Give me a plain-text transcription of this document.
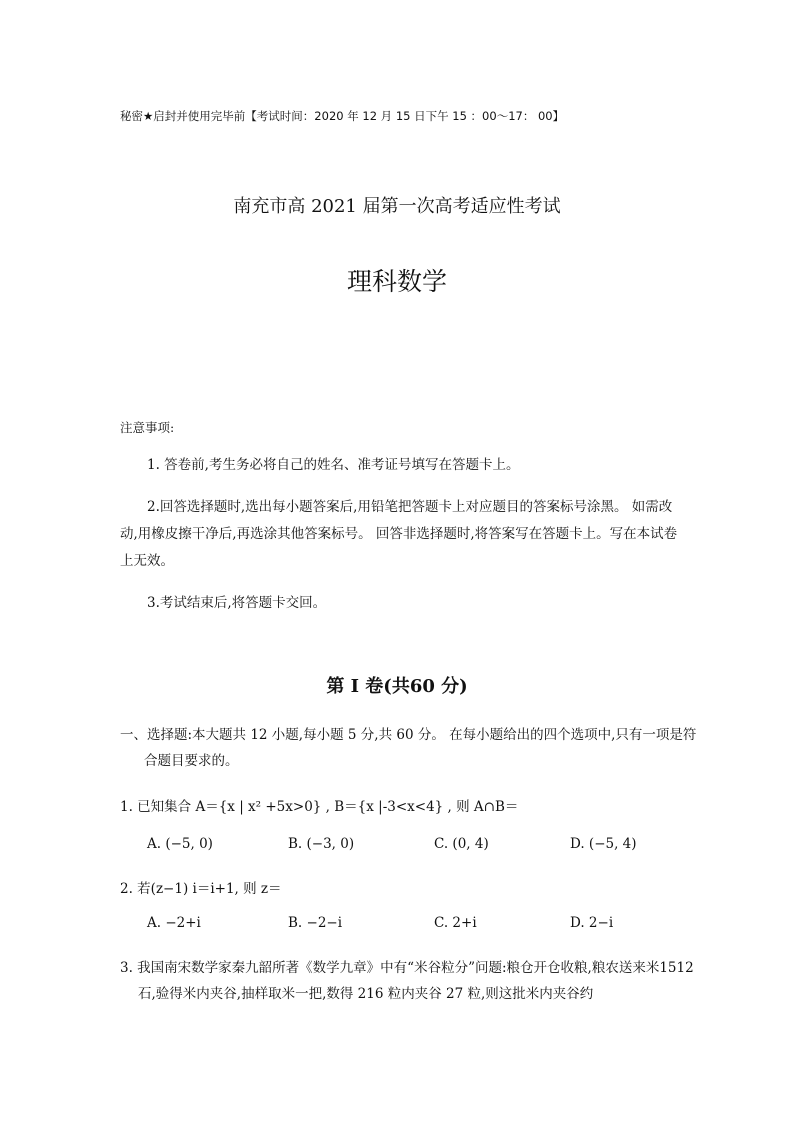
秘密★启封并使用完毕前【考试时间：2020 年 12 月 15 日下午 15 ：00～17： 00】
南充市高 2021 届第一次高考适应性考试
理科数学
注意事项:
1. 答卷前,考生务必将自己的姓名、准考证号填写在答题卡上。
2.回答选择题时,选出每小题答案后,用铅笔把答题卡上对应题目的答案标号涂黑。 如需改动,用橡皮擦干净后,再选涂其他答案标号。 回答非选择题时,将答案写在答题卡上。写在本试卷上无效。
3.考试结束后,将答题卡交回。
第 I 卷(共60 分)
一、选择题:本大题共 12 小题,每小题 5 分,共 60 分。 在每小题给出的四个选项中,只有一项是符合题目要求的。
1. 已知集合 A＝{x | x² +5x>0} , B＝{x |-3<x<4} , 则 A∩B＝
A. (−5, 0)	B. (−3, 0)	C. (0, 4)	D. (−5, 4)
2. 若(z−1) i＝i+1, 则 z＝
A. −2+i	B. −2−i	C. 2+i	D. 2−i
3. 我国南宋数学家秦九韶所著《数学九章》中有“米谷粒分”问题:粮仓开仓收粮,粮农送来米1512石,验得米内夹谷,抽样取米一把,数得 216 粒内夹谷 27 粒,则这批米内夹谷约
